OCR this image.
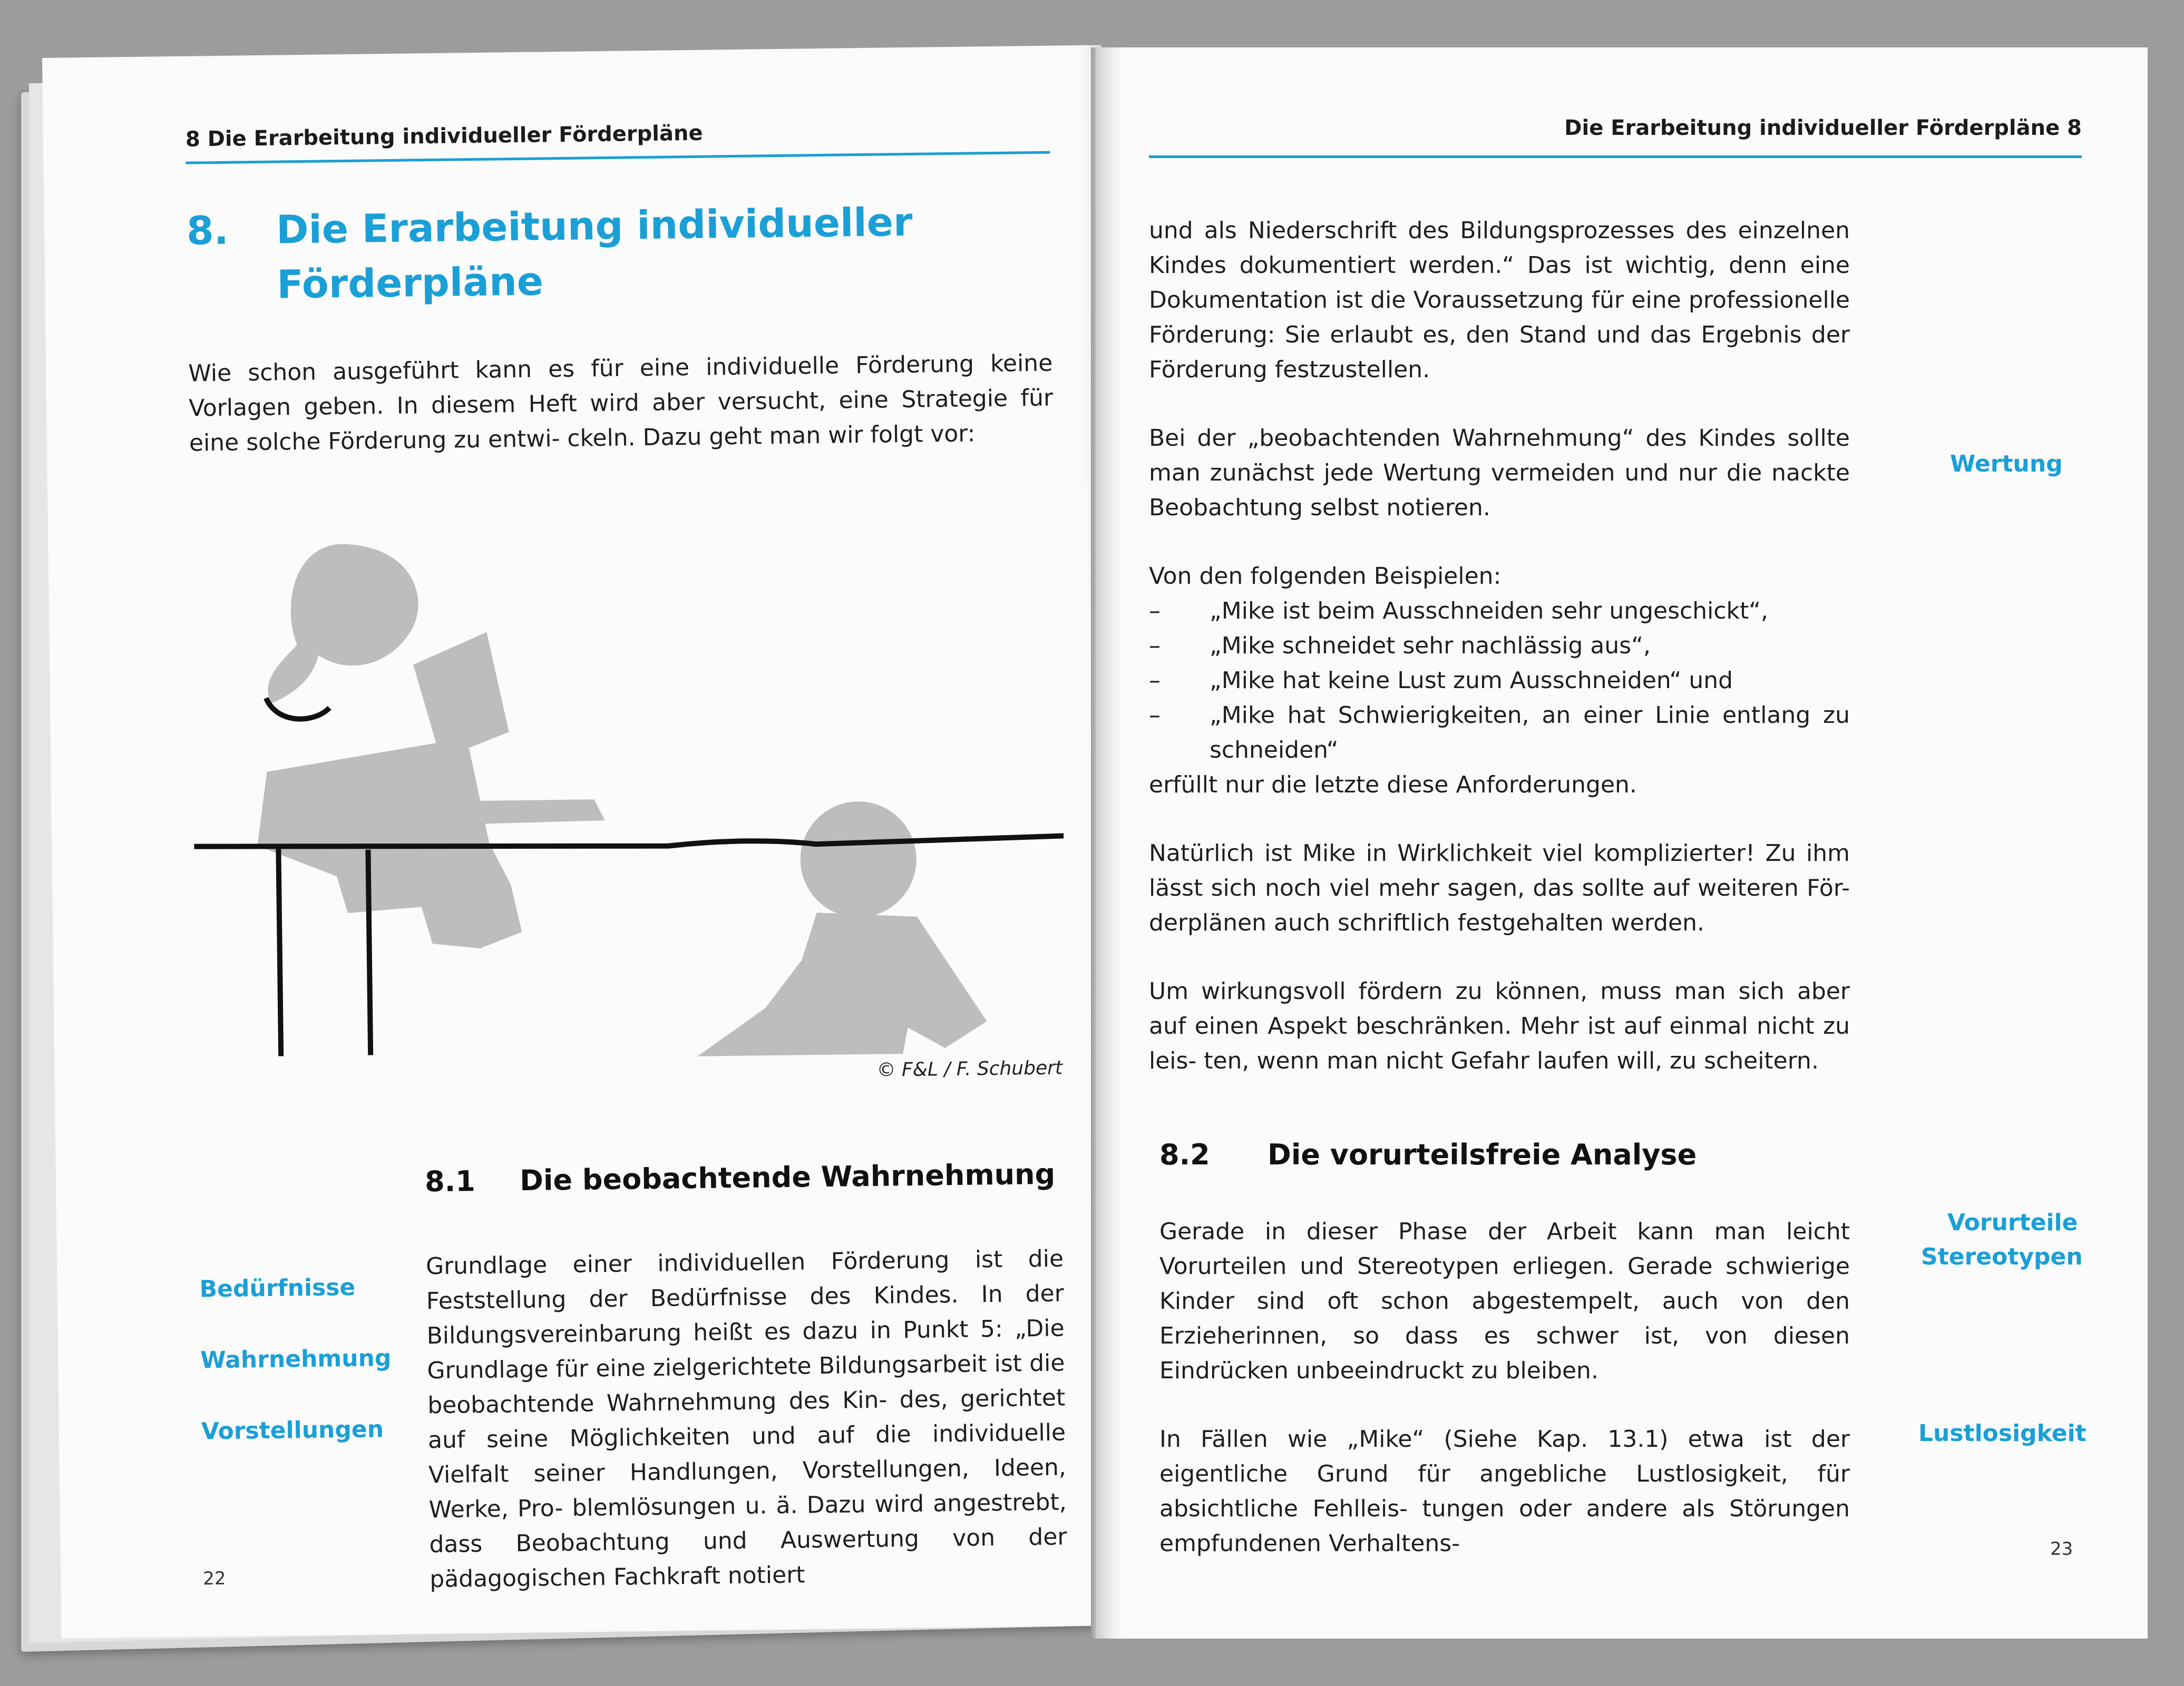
8 Die Erarbeitung individueller Förderpläne
8. Die Erarbeitung individueller
Förderpläne
Wie schon ausgeführt kann es für eine individuelle Förderung keine Vorlagen geben. In diesem Heft wird aber versucht, eine Strategie für eine solche Förderung zu entwi- ckeln. Dazu geht man wir folgt vor:
© F&L / F. Schubert
8.1 Die beobachtende Wahrnehmung
Bedürfnisse
Wahrnehmung
Vorstellungen
Grundlage einer individuellen Förderung ist die Feststellung der Bedürfnisse des Kindes. In der Bildungsvereinbarung heißt es dazu in Punkt 5: „Die Grundlage für eine zielgerichtete Bildungsarbeit ist die beobachtende Wahrnehmung des Kin- des, gerichtet auf seine Möglichkeiten und auf die individuelle Vielfalt seiner Handlungen, Vorstellungen, Ideen, Werke, Pro- blemlösungen u. ä. Dazu wird angestrebt, dass Beobachtung und Auswertung von der pädagogischen Fachkraft notiert
22
Die Erarbeitung individueller Förderpläne 8

und als Niederschrift des Bildungsprozesses des einzelnen Kindes dokumentiert werden.“ Das ist wichtig, denn eine Dokumentation ist die Voraussetzung für eine professionelle Förderung: Sie erlaubt es, den Stand und das Ergebnis der Förderung festzustellen.

Bei der „beobachtenden Wahrnehmung“ des Kindes sollte man zunächst jede Wertung vermeiden und nur die nackte Beobachtung selbst notieren.

Von den folgenden Beispielen:
– „Mike ist beim Ausschneiden sehr ungeschickt“,
– „Mike schneidet sehr nachlässig aus“,
– „Mike hat keine Lust zum Ausschneiden“ und
– „Mike hat Schwierigkeiten, an einer Linie entlang zu schneiden“

erfüllt nur die letzte diese Anforderungen.

Natürlich ist Mike in Wirklichkeit viel komplizierter! Zu ihm lässt sich noch viel mehr sagen, das sollte auf weiteren För- derplänen auch schriftlich festgehalten werden.

Um wirkungsvoll fördern zu können, muss man sich aber auf einen Aspekt beschränken. Mehr ist auf einmal nicht zu leis- ten, wenn man nicht Gefahr laufen will, zu scheitern.

8.2 Die vorurteilsfreie Analyse

Gerade in dieser Phase der Arbeit kann man leicht Vorurteilen und Stereotypen erliegen. Gerade schwierige Kinder sind oft schon abgestempelt, auch von den Erzieherinnen, so dass es schwer ist, von diesen Eindrücken unbeeindruckt zu bleiben.

In Fällen wie „Mike“ (Siehe Kap. 13.1) etwa ist der eigentliche Grund für angebliche Lustlosigkeit, für absichtliche Fehlleis- tungen oder andere als Störungen empfundenen Verhaltens-

Wertung
Vorurteile
Stereotypen
Lustlosigkeit
23
